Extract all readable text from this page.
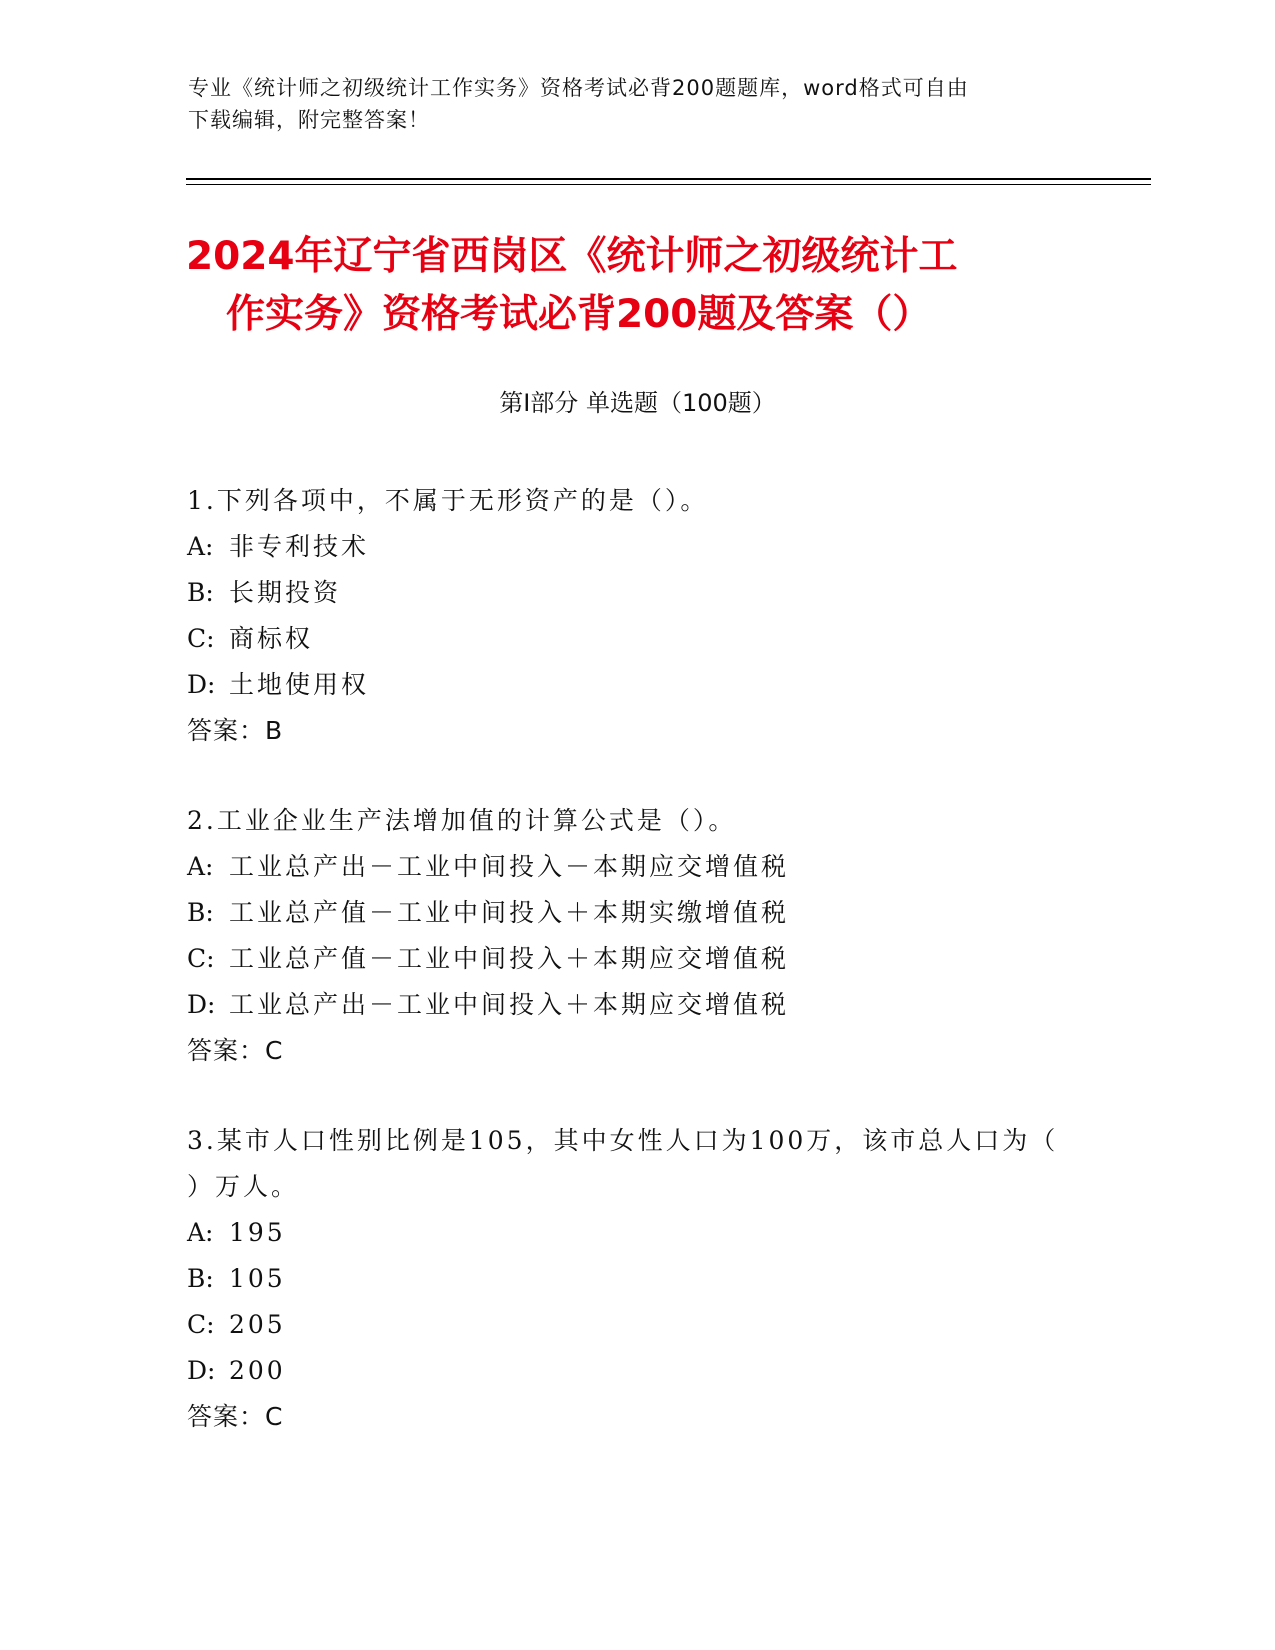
专业《统计师之初级统计工作实务》资格考试必背200题题库，word格式可自由
下载编辑，附完整答案！
2024年辽宁省西岗区《统计师之初级统计工
作实务》资格考试必背200题及答案（）
第Ⅰ部分 单选题（100题）

1.下列各项中，不属于无形资产的是（）。

A: 非专利技术

B: 长期投资

C: 商标权

D: 土地使用权

答案：B

2.工业企业生产法增加值的计算公式是（）。

A: 工业总产出－工业中间投入－本期应交增值税

B: 工业总产值－工业中间投入＋本期实缴增值税

C: 工业总产值－工业中间投入＋本期应交增值税

D: 工业总产出－工业中间投入＋本期应交增值税

答案：C

3.某市人口性别比例是105，其中女性人口为100万，该市总人口为（
）万人。

A: 195

B: 105

C: 205

D: 200

答案：C
